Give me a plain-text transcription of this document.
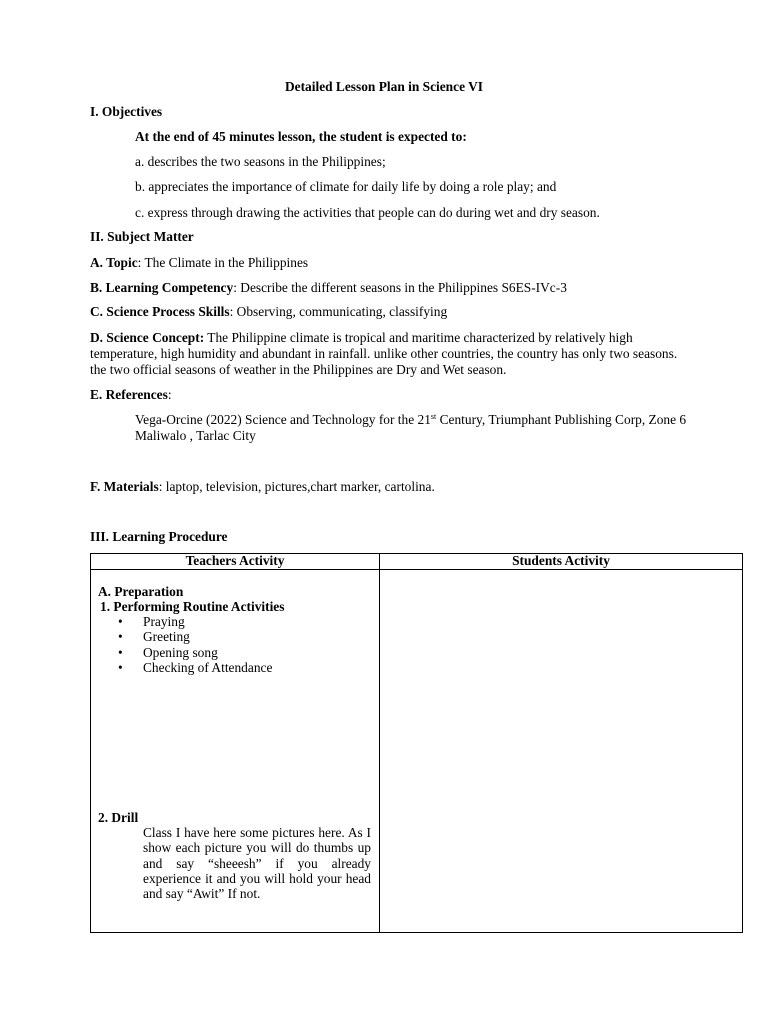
Detailed Lesson Plan in Science VI
I. Objectives
At the end of 45 minutes lesson, the student is expected to:
a. describes the two seasons in the Philippines;
b. appreciates the importance of climate for daily life by doing a role play; and
c. express through drawing the activities that people can do during wet and dry season.
II. Subject Matter
A. Topic: The Climate in the Philippines
B. Learning Competency: Describe the different seasons in the Philippines S6ES-IVc-3
C. Science Process Skills: Observing, communicating, classifying
D. Science Concept: The Philippine climate is tropical and maritime characterized by relatively high temperature, high humidity and abundant in rainfall. unlike other countries, the country has only two seasons. the two official seasons of weather in the Philippines are Dry and Wet season.
E. References:
Vega-Orcine (2022) Science and Technology for the 21st Century, Triumphant Publishing Corp, Zone 6 Maliwalo , Tarlac City
F. Materials: laptop, television, pictures,chart marker, cartolina.
III. Learning Procedure
Teachers Activity	Students Activity
A. Preparation
1. Performing Routine Activities
• Praying
• Greeting
• Opening song
• Checking of Attendance
2. Drill
Class I have here some pictures here. As I show each picture you will do thumbs up and say “sheeesh” if you already experience it and you will hold your head and say “Awit” If not.
